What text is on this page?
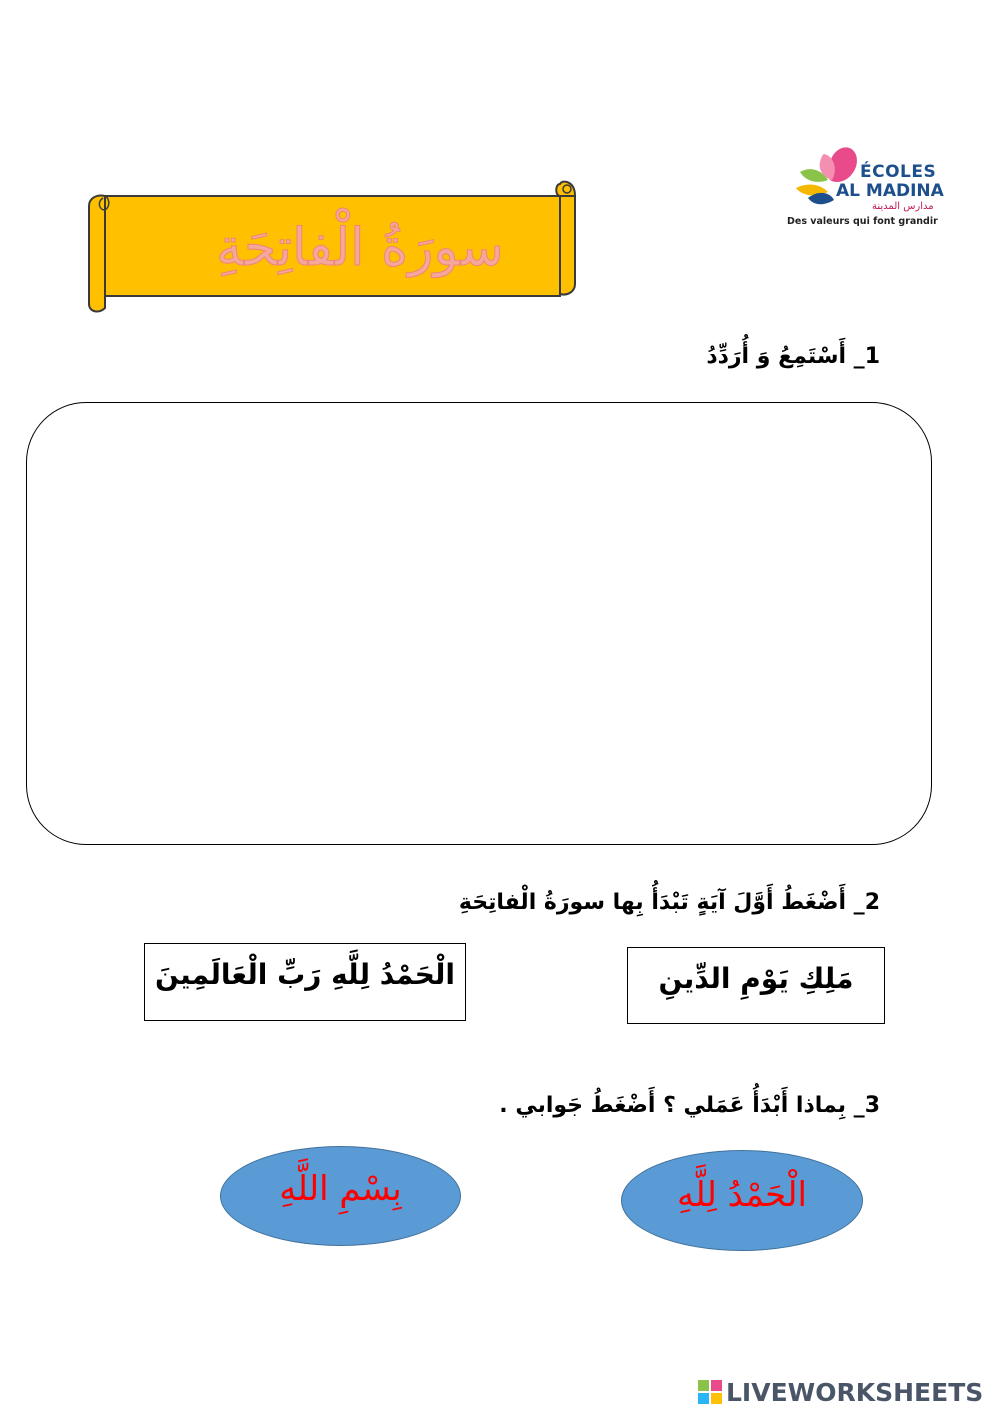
ÉCOLES
AL MADINA
مدارس المدينة
Des valeurs qui font grandir
سورَةُ الْفاتِحَةِ
1_ أَسْتَمِعُ وَ أُرَدِّدُ
2_ أَضْغَطُ أَوَّلَ آيَةٍ تَبْدَأُ بِها سورَةُ الْفاتِحَةِ
الْحَمْدُ لِلَّهِ رَبِّ الْعَالَمِينَ	مَلِكِ يَوْمِ الدِّينِ
3_ بِماذا أَبْدَأُ عَمَلي ؟ أَضْغَطُ جَوابي .
بِسْمِ اللَّهِ	الْحَمْدُ لِلَّهِ
LIVEWORKSHEETS
